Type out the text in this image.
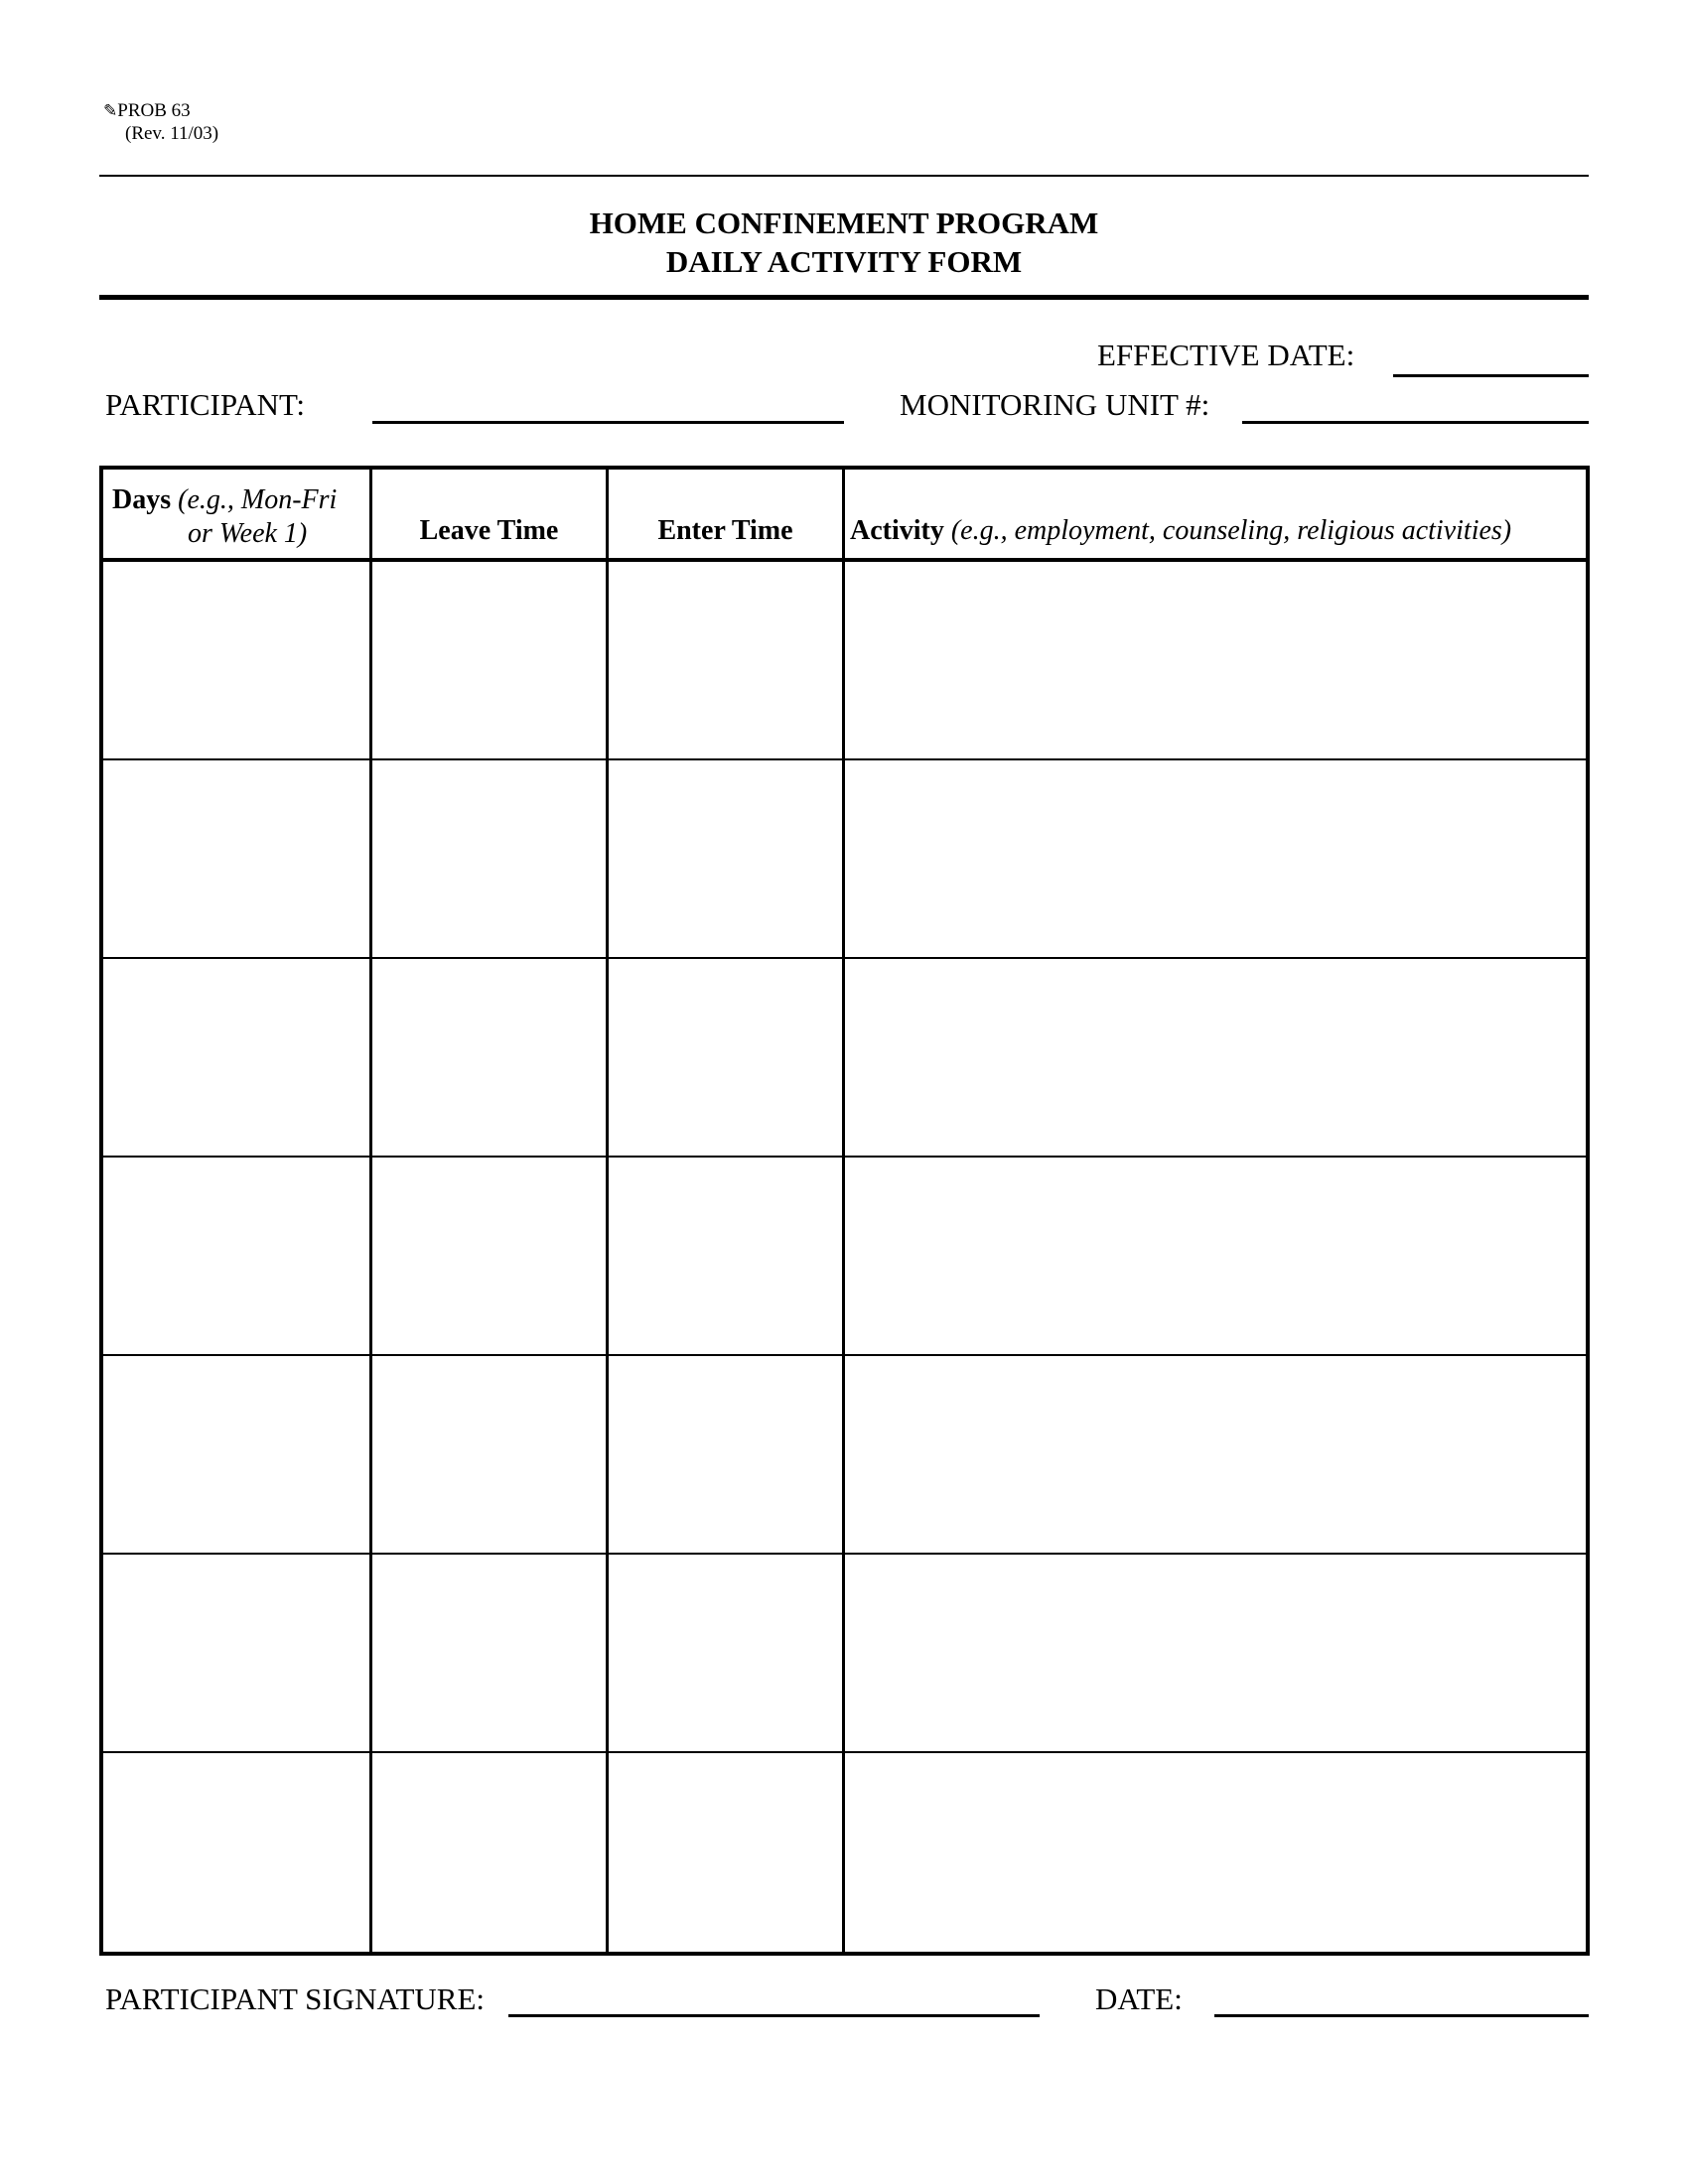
✎PROB 63
(Rev. 11/03)
HOME CONFINEMENT PROGRAM
DAILY ACTIVITY FORM
EFFECTIVE DATE:
PARTICIPANT:	MONITORING UNIT #:
Days (e.g., Mon-Fri
or Week 1)	Leave Time	Enter Time	Activity (e.g., employment, counseling, religious activities)
PARTICIPANT SIGNATURE:	DATE:
